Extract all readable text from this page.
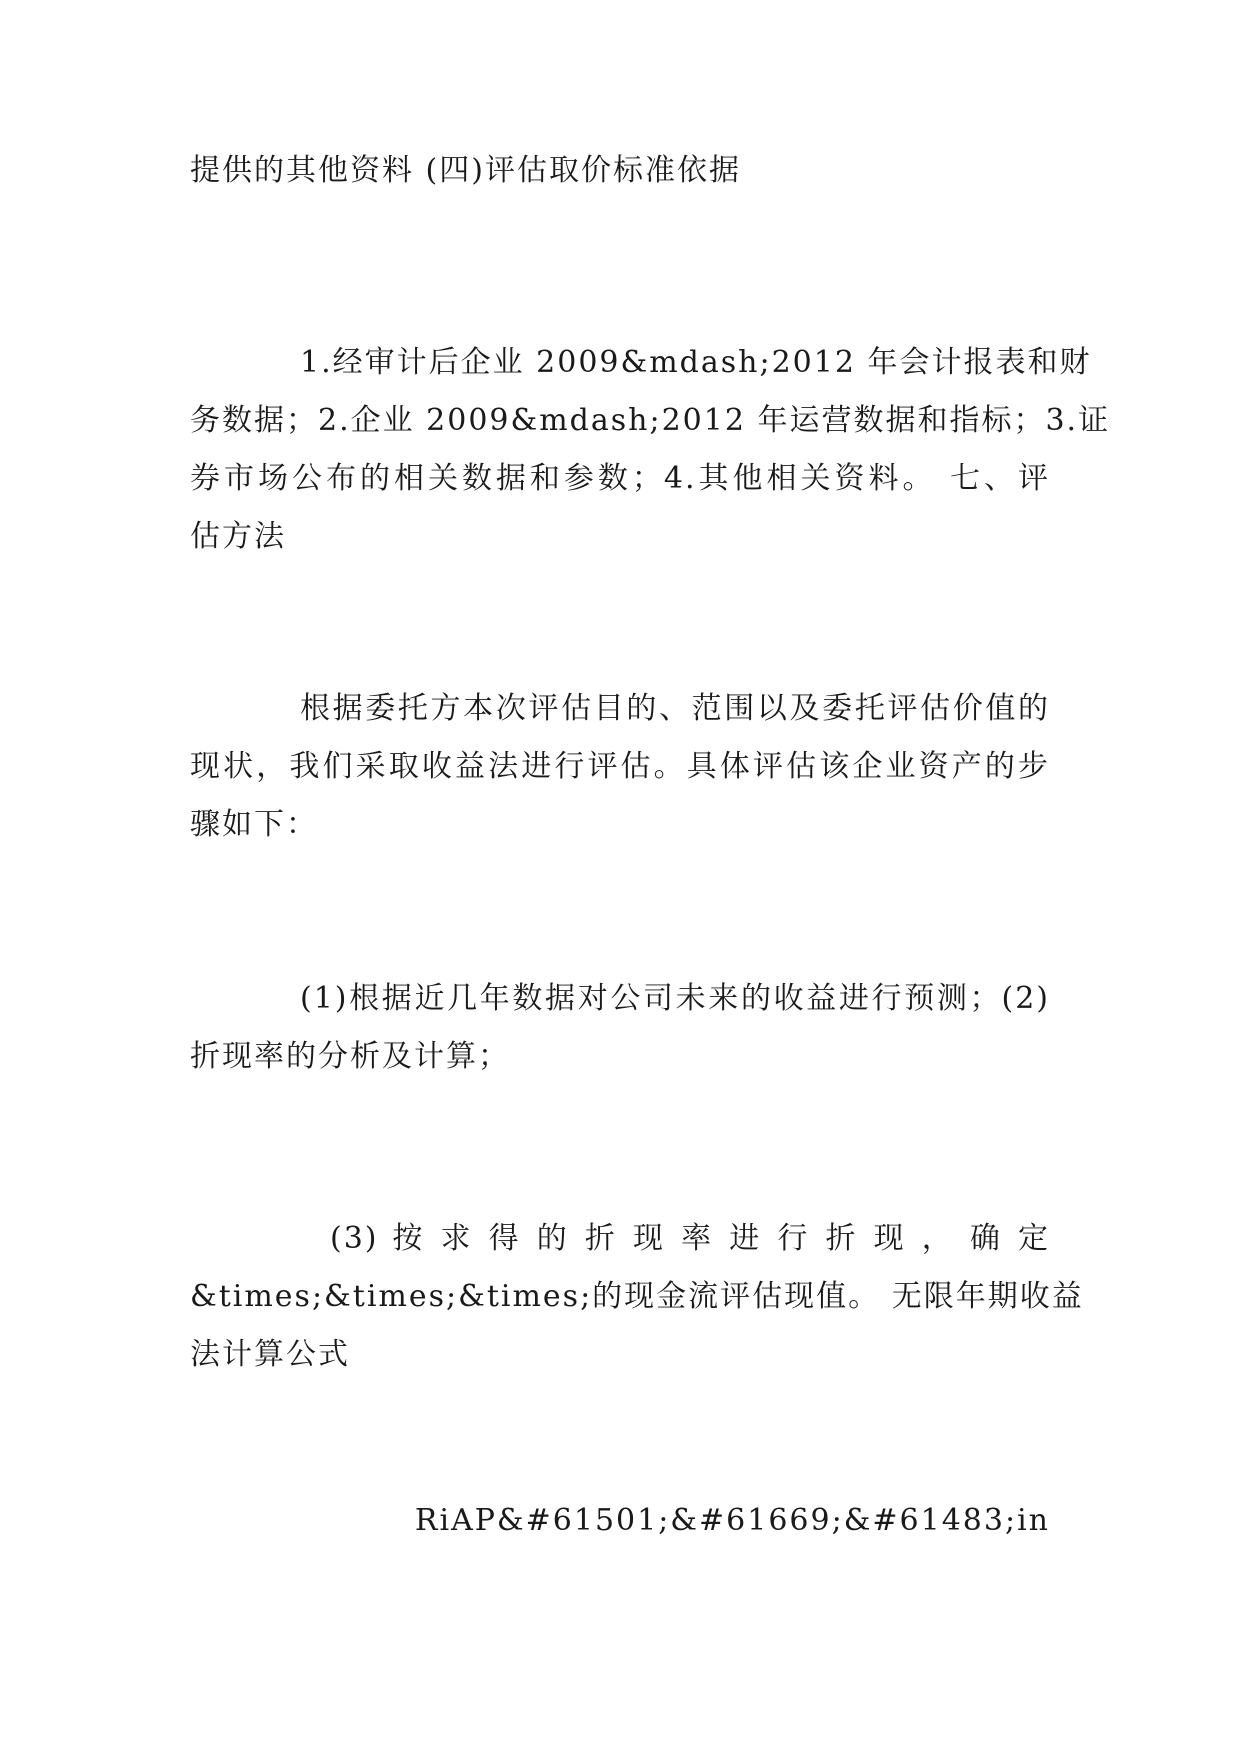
提供的其他资料 (四)评估取价标准依据

1.经审计后企业 2009&mdash;2012 年会计报表和财
务数据；2.企业 2009&mdash;2012 年运营数据和指标；3.证
券市场公布的相关数据和参数；4.其他相关资料。 七、评
估方法

根据委托方本次评估目的、范围以及委托评估价值的
现状，我们采取收益法进行评估。具体评估该企业资产的步
骤如下：

(1)根据近几年数据对公司未来的收益进行预测；(2)
折现率的分析及计算；

(3) 按 求 得 的 折 现 率 进 行 折 现 ， 确 定
&times;&times;&times;的现金流评估现值。 无限年期收益
法计算公式

RiAP&#61501;&#61669;&#61483;in
